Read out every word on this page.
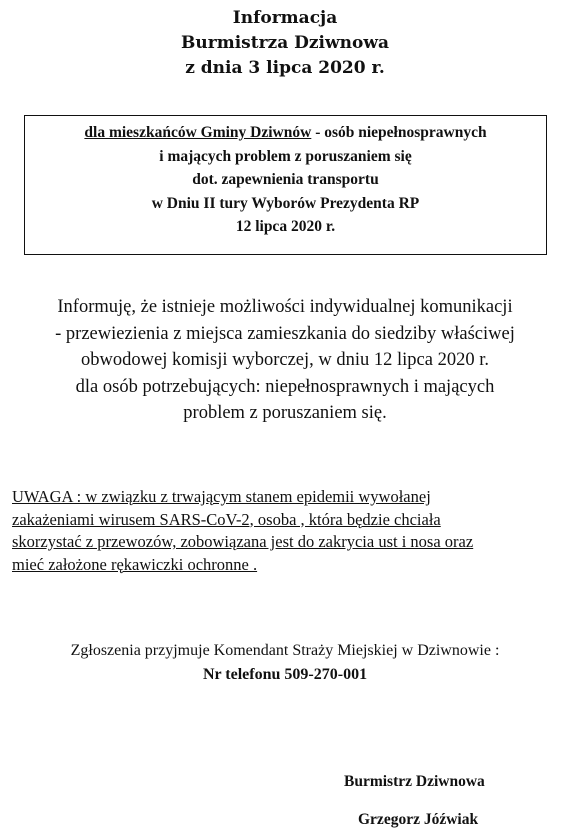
Informacja
Burmistrza Dziwnowa
z dnia 3 lipca 2020 r.
dla mieszkańców Gminy Dziwnów - osób niepełnosprawnych
i mających problem z poruszaniem się
dot. zapewnienia transportu
w Dniu II tury Wyborów Prezydenta RP
12 lipca 2020 r.
Informuję, że istnieje możliwości indywidualnej komunikacji
- przewiezienia z miejsca zamieszkania do siedziby właściwej
obwodowej komisji wyborczej, w dniu 12 lipca 2020 r.
dla osób potrzebujących: niepełnosprawnych i mających
problem z poruszaniem się.
UWAGA : w związku z trwającym stanem epidemii wywołanej
zakażeniami wirusem SARS-CoV-2, osoba , która będzie chciała
skorzystać z przewozów, zobowiązana jest do zakrycia ust i nosa oraz
mieć założone rękawiczki ochronne .
Zgłoszenia przyjmuje Komendant Straży Miejskiej w Dziwnowie :
Nr telefonu 509-270-001
Burmistrz Dziwnowa
Grzegorz Jóźwiak
